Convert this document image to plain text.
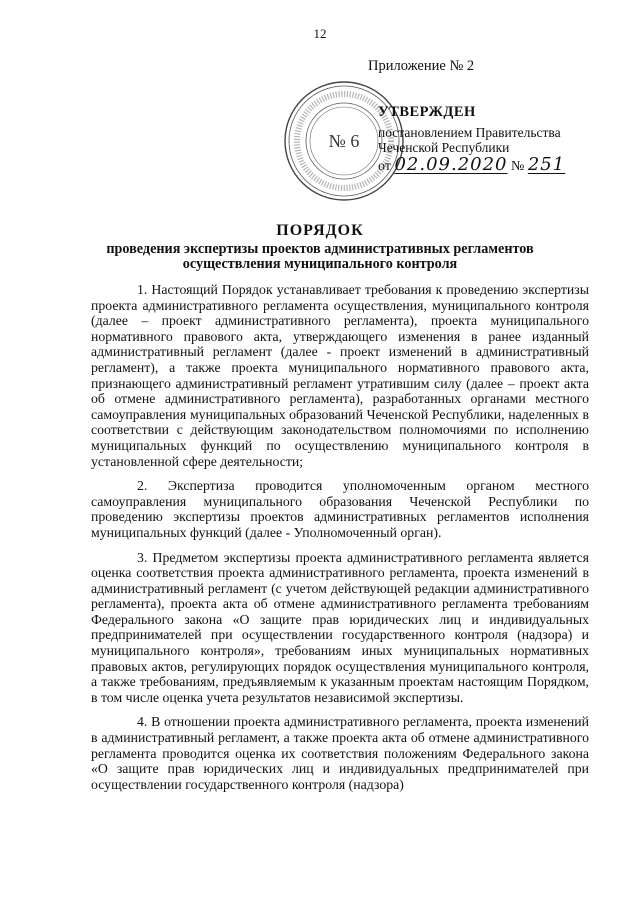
12
Приложение № 2
№ 6
УТВЕРЖДЕН
постановлением Правительства
Чеченской Республики
от 02.09.2020 № 251
ПОРЯДОК
проведения экспертизы проектов административных регламентов осуществления муниципального контроля

1. Настоящий Порядок устанавливает требования к проведению экспертизы проекта административного регламента осуществления, муниципального контроля (далее – проект административного регламента), проекта муниципального нормативного правового акта, утверждающего изменения в ранее изданный административный регламент (далее - проект изменений в административный регламент), а также проекта муниципального нормативного правового акта, признающего административный регламент утратившим силу (далее – проект акта об отмене административного регламента), разработанных органами местного самоуправления муниципальных образований Чеченской Республики, наделенных в соответствии с действующим законодательством полномочиями по исполнению муниципальных функций по осуществлению муниципального контроля в установленной сфере деятельности;

2. Экспертиза проводится уполномоченным органом местного самоуправления муниципального образования Чеченской Республики по проведению экспертизы проектов административных регламентов исполнения муниципальных функций (далее - Уполномоченный орган).

3. Предметом экспертизы проекта административного регламента является оценка соответствия проекта административного регламента, проекта изменений в административный регламент (с учетом действующей редакции административного регламента), проекта акта об отмене административного регламента требованиям Федерального закона «О защите прав юридических лиц и индивидуальных предпринимателей при осуществлении государственного контроля (надзора) и муниципального контроля», требованиям иных муниципальных нормативных правовых актов, регулирующих порядок осуществления муниципального контроля, а также требованиям, предъявляемым к указанным проектам настоящим Порядком, в том числе оценка учета результатов независимой экспертизы.

4. В отношении проекта административного регламента, проекта изменений в административный регламент, а также проекта акта об отмене административного регламента проводится оценка их соответствия положениям Федерального закона «О защите прав юридических лиц и индивидуальных предпринимателей при осуществлении государственного контроля (надзора)
